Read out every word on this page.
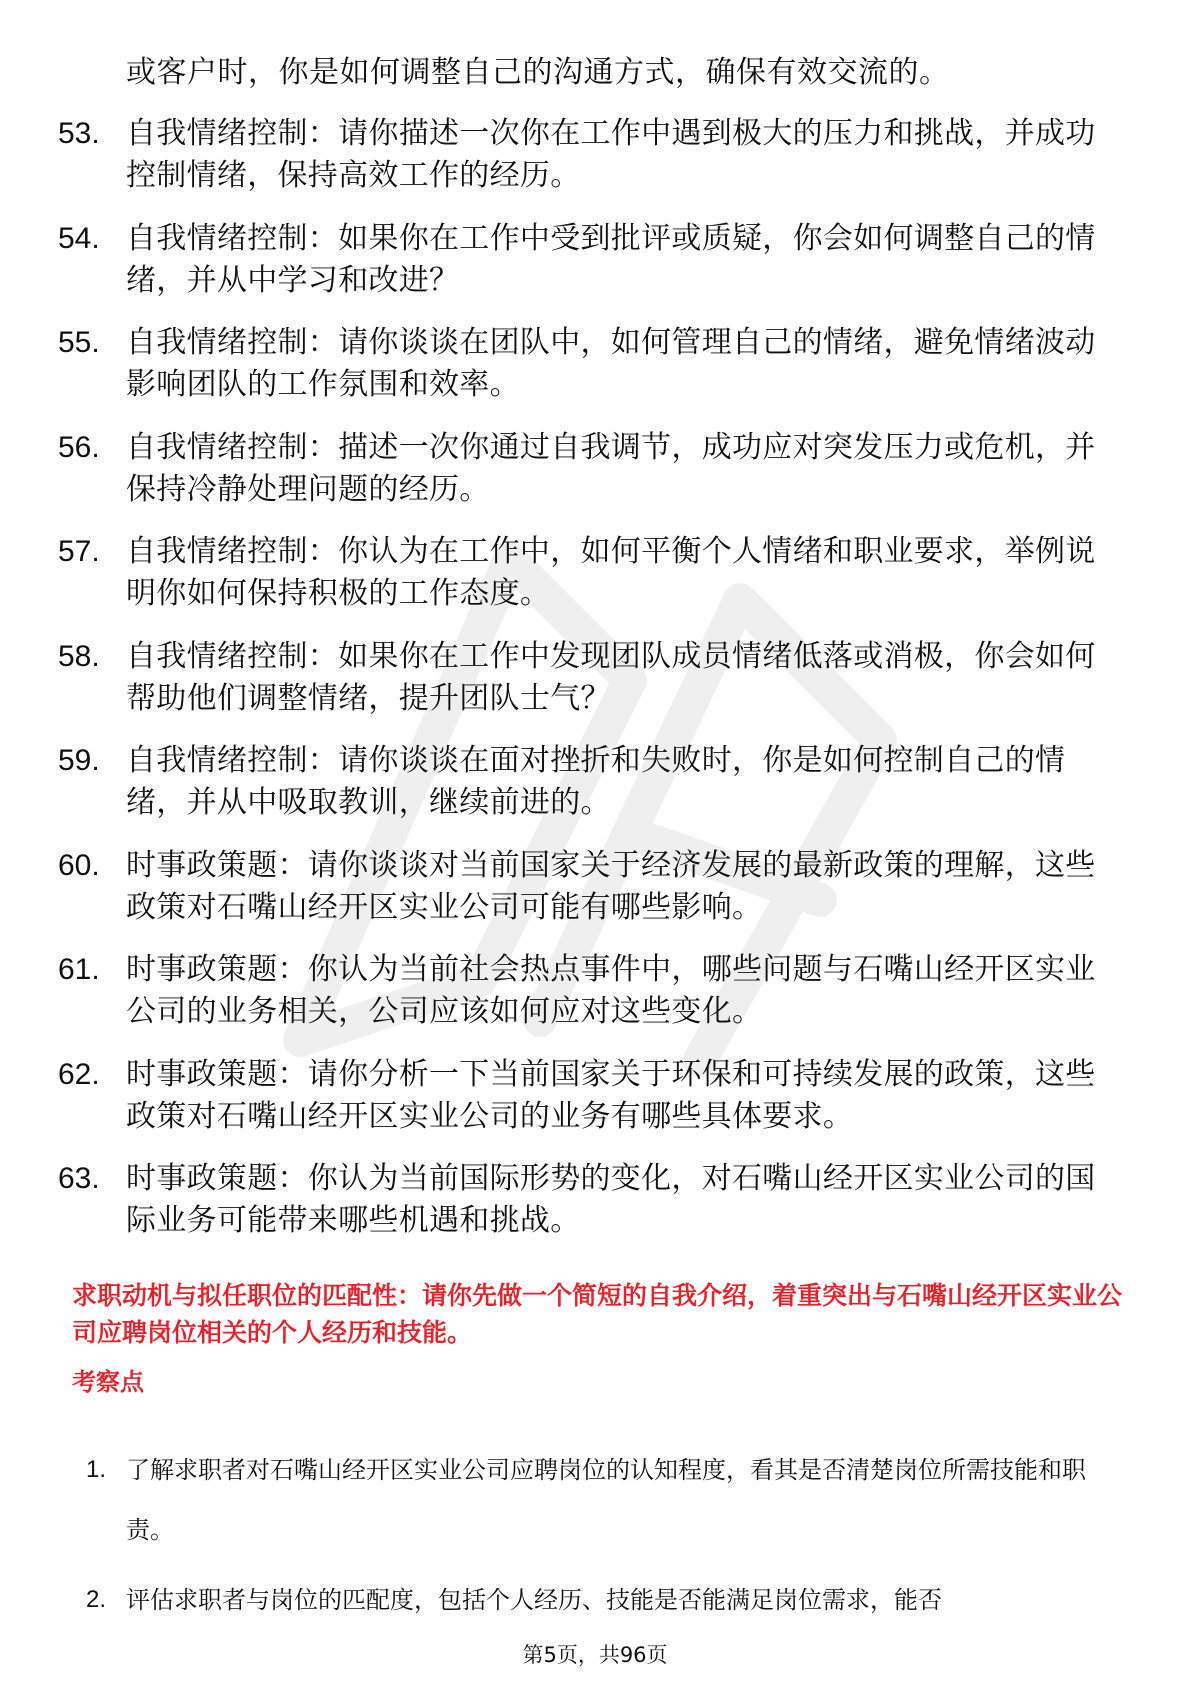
或客户时，你是如何调整自己的沟通方式，确保有效交流的。
53. 自我情绪控制：请你描述一次你在工作中遇到极大的压力和挑战，并成功控制情绪，保持高效工作的经历。
54. 自我情绪控制：如果你在工作中受到批评或质疑，你会如何调整自己的情绪，并从中学习和改进？
55. 自我情绪控制：请你谈谈在团队中，如何管理自己的情绪，避免情绪波动影响团队的工作氛围和效率。
56. 自我情绪控制：描述一次你通过自我调节，成功应对突发压力或危机，并保持冷静处理问题的经历。
57. 自我情绪控制：你认为在工作中，如何平衡个人情绪和职业要求，举例说明你如何保持积极的工作态度。
58. 自我情绪控制：如果你在工作中发现团队成员情绪低落或消极，你会如何帮助他们调整情绪，提升团队士气？
59. 自我情绪控制：请你谈谈在面对挫折和失败时，你是如何控制自己的情绪，并从中吸取教训，继续前进的。
60. 时事政策题：请你谈谈对当前国家关于经济发展的最新政策的理解，这些政策对石嘴山经开区实业公司可能有哪些影响。
61. 时事政策题：你认为当前社会热点事件中，哪些问题与石嘴山经开区实业公司的业务相关，公司应该如何应对这些变化。
62. 时事政策题：请你分析一下当前国家关于环保和可持续发展的政策，这些政策对石嘴山经开区实业公司的业务有哪些具体要求。
63. 时事政策题：你认为当前国际形势的变化，对石嘴山经开区实业公司的国际业务可能带来哪些机遇和挑战。
求职动机与拟任职位的匹配性：请你先做一个简短的自我介绍，着重突出与石嘴山经开区实业公司应聘岗位相关的个人经历和技能。
考察点
1. 了解求职者对石嘴山经开区实业公司应聘岗位的认知程度，看其是否清楚岗位所需技能和职责。
2. 评估求职者与岗位的匹配度，包括个人经历、技能是否能满足岗位需求，能否
第5页，共96页
